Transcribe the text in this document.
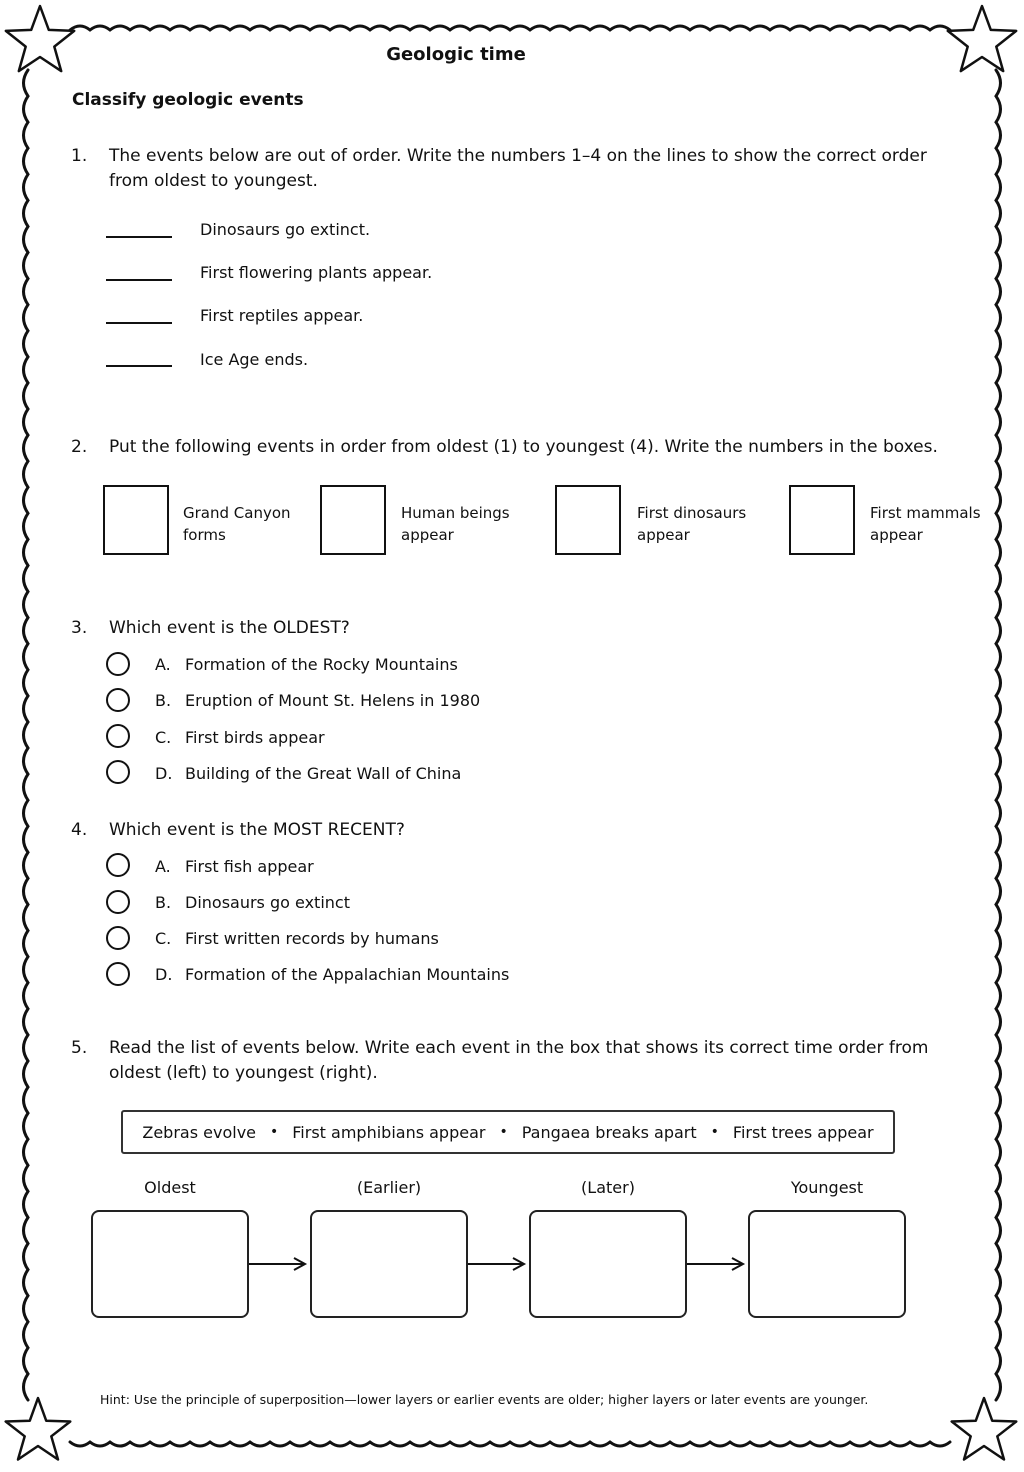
Geologic time
Classify geologic events
1. The events below are out of order. Write the numbers 1–4 on the lines to show the correct order
from oldest to youngest.
Dinosaurs go extinct.
First flowering plants appear.
First reptiles appear.
Ice Age ends.
2. Put the following events in order from oldest (1) to youngest (4). Write the numbers in the boxes.
Grand Canyon
forms
Human beings
appear
First dinosaurs
appear
First mammals
appear
3. Which event is the OLDEST?
A. Formation of the Rocky Mountains
B. Eruption of Mount St. Helens in 1980
C. First birds appear
D. Building of the Great Wall of China
4. Which event is the MOST RECENT?
A. First fish appear
B. Dinosaurs go extinct
C. First written records by humans
D. Formation of the Appalachian Mountains
5. Read the list of events below. Write each event in the box that shows its correct time order from
oldest (left) to youngest (right).
Zebras evolve • First amphibians appear • Pangaea breaks apart • First trees appear
Oldest	(Earlier)	(Later)	Youngest
Hint: Use the principle of superposition—lower layers or earlier events are older; higher layers or later events are younger.
